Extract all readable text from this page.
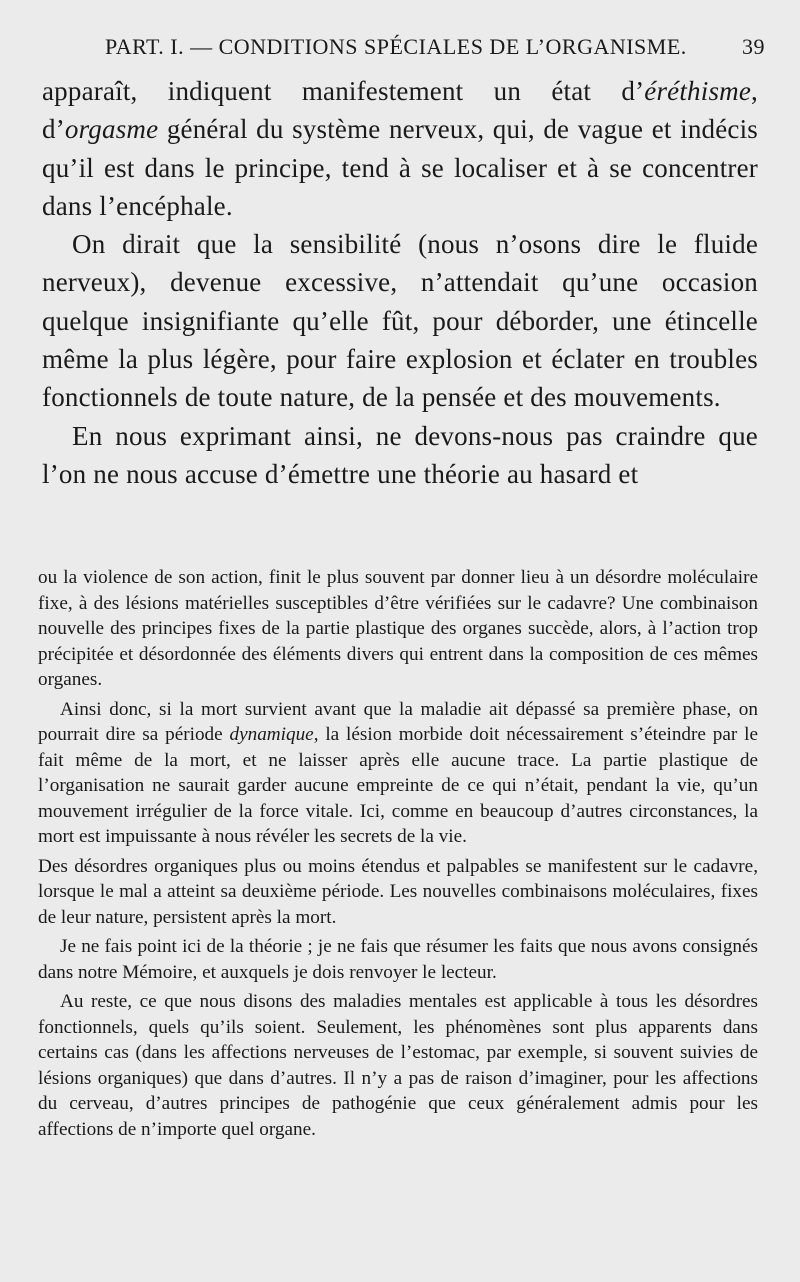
PART. I. — CONDITIONS SPÉCIALES DE L’ORGANISME.	39

apparaît, indiquent manifestement un état d’éréthisme, d’orgasme général du système nerveux, qui, de vague et indécis qu’il est dans le principe, tend à se localiser et à se concentrer dans l’encéphale.

On dirait que la sensibilité (nous n’osons dire le fluide nerveux), devenue excessive, n’attendait qu’une occasion quelque insignifiante qu’elle fût, pour déborder, une étincelle même la plus légère, pour faire explosion et éclater en troubles fonctionnels de toute nature, de la pensée et des mouvements.

En nous exprimant ainsi, ne devons-nous pas craindre que l’on ne nous accuse d’émettre une théorie au hasard et

ou la violence de son action, finit le plus souvent par donner lieu à un désordre moléculaire fixe, à des lésions matérielles susceptibles d’être vérifiées sur le cadavre? Une combinaison nouvelle des principes fixes de la partie plastique des organes succède, alors, à l’action trop précipitée et désordonnée des éléments divers qui entrent dans la composition de ces mêmes organes.

Ainsi donc, si la mort survient avant que la maladie ait dépassé sa première phase, on pourrait dire sa période dynamique, la lésion morbide doit nécessairement s’éteindre par le fait même de la mort, et ne laisser après elle aucune trace. La partie plastique de l’organisation ne saurait garder aucune empreinte de ce qui n’était, pendant la vie, qu’un mouvement irrégulier de la force vitale. Ici, comme en beaucoup d’autres circonstances, la mort est impuissante à nous révéler les secrets de la vie.

Des désordres organiques plus ou moins étendus et palpables se manifestent sur le cadavre, lorsque le mal a atteint sa deuxième période. Les nouvelles combinaisons moléculaires, fixes de leur nature, persistent après la mort.

Je ne fais point ici de la théorie ; je ne fais que résumer les faits que nous avons consignés dans notre Mémoire, et auxquels je dois renvoyer le lecteur.

Au reste, ce que nous disons des maladies mentales est applicable à tous les désordres fonctionnels, quels qu’ils soient. Seulement, les phénomènes sont plus apparents dans certains cas (dans les affections nerveuses de l’estomac, par exemple, si souvent suivies de lésions organiques) que dans d’autres. Il n’y a pas de raison d’imaginer, pour les affections du cerveau, d’autres principes de pathogénie que ceux généralement admis pour les affections de n’importe quel organe.
